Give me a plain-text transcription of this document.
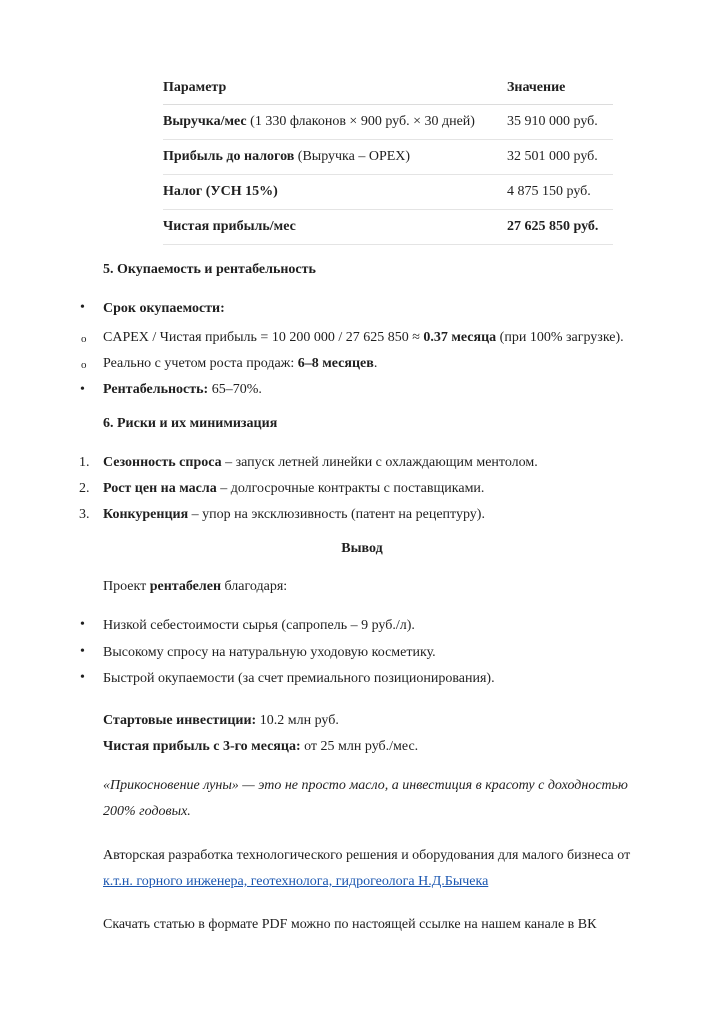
Параметр	Значение
Выручка/мес (1 330 флаконов × 900 руб. × 30 дней)	35 910 000 руб.
Прибыль до налогов (Выручка – OPEX)	32 501 000 руб.
Налог (УСН 15%)	4 875 150 руб.
Чистая прибыль/мес	27 625 850 руб.
5. Окупаемость и рентабельность
• Срок окупаемости:
o CAPEX / Чистая прибыль = 10 200 000 / 27 625 850 ≈ 0.37 месяца (при 100% загрузке).
o Реально с учетом роста продаж: 6–8 месяцев.
• Рентабельность: 65–70%.
6. Риски и их минимизация
1. Сезонность спроса – запуск летней линейки с охлаждающим ментолом.
2. Рост цен на масла – долгосрочные контракты с поставщиками.
3. Конкуренция – упор на эксклюзивность (патент на рецептуру).
Вывод
Проект рентабелен благодаря:
• Низкой себестоимости сырья (сапропель – 9 руб./л).
• Высокому спросу на натуральную уходовую косметику.
• Быстрой окупаемости (за счет премиального позиционирования).
Стартовые инвестиции: 10.2 млн руб.
Чистая прибыль с 3-го месяца: от 25 млн руб./мес.
«Прикосновение луны» — это не просто масло, а инвестиция в красоту с доходностью
200% годовых.
Авторская разработка технологического решения и оборудования для малого бизнеса от
к.т.н. горного инженера, геотехнолога, гидрогеолога Н.Д.Бычека
Скачать статью в формате PDF можно по настоящей ссылке на нашем канале в ВК
